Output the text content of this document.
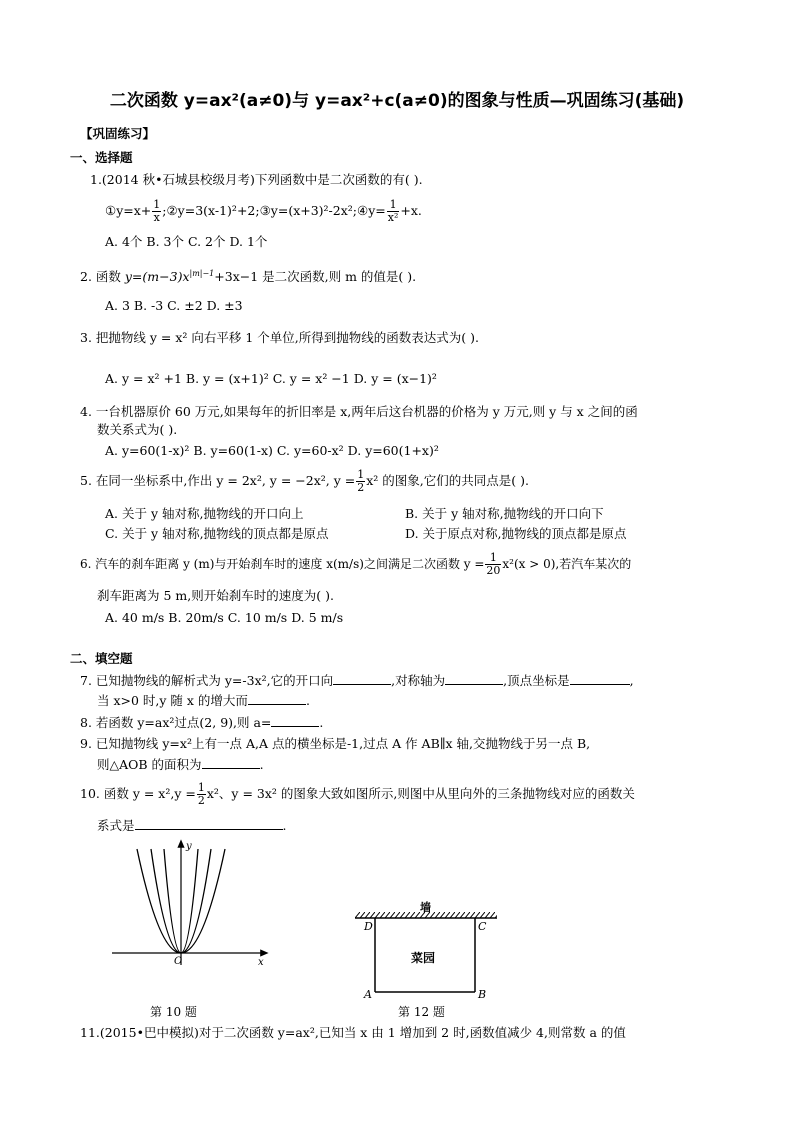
二次函数 y=ax²(a≠0)与 y=ax²+c(a≠0)的图象与性质—巩固练习(基础)
【巩固练习】
一、选择题
1.(2014 秋•石城县校级月考)下列函数中是二次函数的有( ).
①y=x+ $\frac{1}{x}$ ;②y=3(x-1)²+2;③y=(x+3)²-2x²;④y= $\frac{1}{\text{x²}} +x$.
A. 4个 B. 3个 C. 2个 D. 1个
2. 函数 $y=(m-3)x^{|m|-1}+3x-1$ 是二次函数,则 m 的值是( ).
A. 3 B. -3 C. ±2 D. ±3
3. 把抛物线 y = x² 向右平移 1 个单位,所得到抛物线的函数表达式为( ).
A. y = x² +1 B. y = (x+1)² C. y = x² −1 D. y = (x−1)²
4. 一台机器原价 60 万元,如果每年的折旧率是 x,两年后这台机器的价格为 y 万元,则 y 与 x 之间的函
数关系式为( ).
A. y=60(1-x)² B. y=60(1-x) C. y=60-x² D. y=60(1+x)²
5. 在同一坐标系中,作出 y = 2x², y = −2x², $y = \frac{1}{2} x^2$ 的图象,它们的共同点是( ).
A. 关于 y 轴对称,抛物线的开口向上	B. 关于 y 轴对称,抛物线的开口向下
C. 关于 y 轴对称,抛物线的顶点都是原点	D. 关于原点对称,抛物线的顶点都是原点
6. 汽车的刹车距离 y (m)与开始刹车时的速度 x(m/s)之间满足二次函数 $y = \frac{1}{20} x^2(x > 0)$,若汽车某次的
刹车距离为 5 m,则开始刹车时的速度为( ).
A. 40 m/s B. 20m/s C. 10 m/s D. 5 m/s
二、填空题
7. 已知抛物线的解析式为 y=-3x²,它的开口向	,对称轴为	,顶点坐标是	,
当 x>0 时,y 随 x 的增大而	.
8. 若函数 y=ax²过点(2, 9),则 a=	.
9. 已知抛物线 y=x²上有一点 A,A 点的横坐标是-1,过点 A 作 AB∥x 轴,交抛物线于另一点 B,
则△AOB 的面积为	.
10. 函数 $y = x^2,y = \frac{1}{2} x^2$、y = 3x² 的图象大致如图所示,则图中从里向外的三条抛物线对应的函数关
系式是	.
y
x
O
第 10 题
墙
菜园
D	C
A	B
第 12 题
11.(2015•巴中模拟)对于二次函数 y=ax²,已知当 x 由 1 增加到 2 时,函数值减少 4,则常数 a 的值
